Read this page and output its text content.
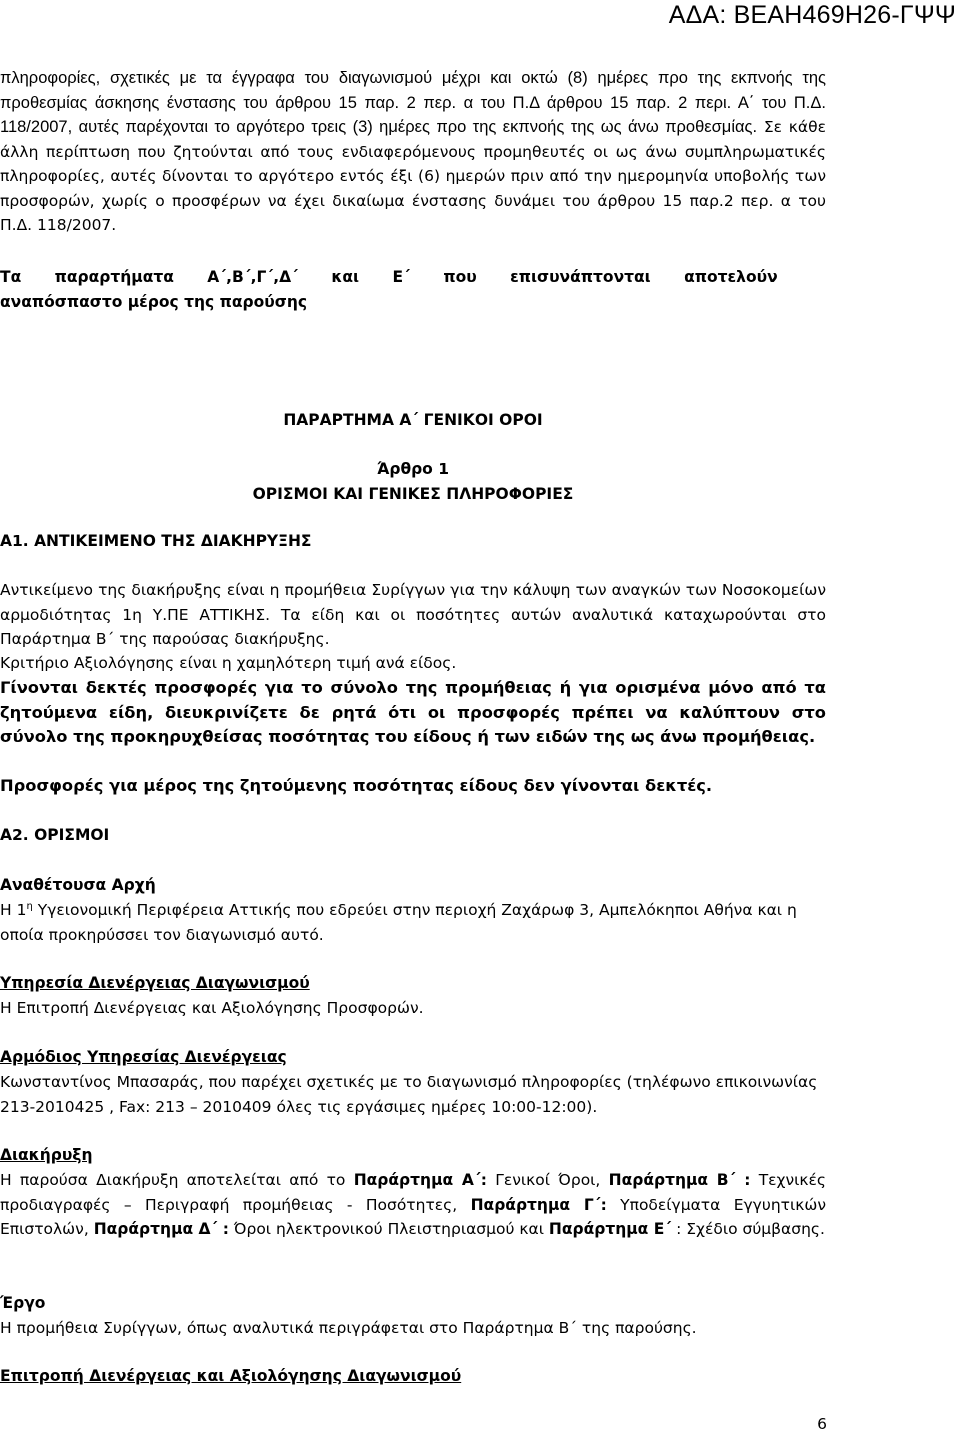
ΑΔΑ: ΒΕΑΗ469Η26-ΓΨΨ
πληροφορίες, σχετικές με τα έγγραφα του διαγωνισμού μέχρι και οκτώ (8) ημέρες προ της εκπνοής της προθεσμίας άσκησης ένστασης του άρθρου 15 παρ. 2 περ. α του Π.Δ άρθρου 15 παρ. 2 περι. Α΄ του Π.Δ. 118/2007, αυτές παρέχονται το αργότερο τρεις (3) ημέρες προ της εκπνοής της ως άνω προθεσμίας. Σε κάθε άλλη περίπτωση που ζητούνται από τους ενδιαφερόμενους προμηθευτές οι ως άνω συμπληρωματικές πληροφορίες, αυτές δίνονται το αργότερο εντός έξι (6) ημερών πριν από την ημερομηνία υποβολής των προσφορών, χωρίς ο προσφέρων να έχει δικαίωμα ένστασης δυνάμει του άρθρου 15 παρ.2 περ. α του Π.Δ. 118/2007.
Τα παραρτήματα Α΄,Β΄,Γ΄,Δ΄ και Ε΄ που επισυνάπτονται αποτελούν
αναπόσπαστο μέρος της παρούσης
ΠΑΡΑΡΤΗΜΑ Α΄ ΓΕΝΙΚΟΙ ΟΡΟΙ
Άρθρο 1
ΟΡΙΣΜΟΙ ΚΑΙ ΓΕΝΙΚΕΣ ΠΛΗΡΟΦΟΡΙΕΣ
Α1. ΑΝΤΙΚΕΙΜΕΝΟ ΤΗΣ ΔΙΑΚΗΡΥΞΗΣ
Αντικείμενο της διακήρυξης είναι η προμήθεια Συρίγγων για την κάλυψη των αναγκών των Νοσοκομείων αρμοδιότητας 1η Υ.ΠΕ ΑΤΤΙΚΗΣ. Τα είδη και οι ποσότητες αυτών αναλυτικά καταχωρούνται στο Παράρτημα Β΄ της παρούσας διακήρυξης.
Κριτήριο Αξιολόγησης είναι η χαμηλότερη τιμή ανά είδος.
Γίνονται δεκτές προσφορές για το σύνολο της προμήθειας ή για ορισμένα μόνο από τα ζητούμενα είδη, διευκρινίζετε δε ρητά ότι οι προσφορές πρέπει να καλύπτουν στο σύνολο της προκηρυχθείσας ποσότητας του είδους ή των ειδών της ως άνω προμήθειας.
Προσφορές για μέρος της ζητούμενης ποσότητας είδους δεν γίνονται δεκτές.
Α2. ΟΡΙΣΜΟΙ
Αναθέτουσα Αρχή
Η $1^\eta$ Υγειονομική Περιφέρεια Αττικής που εδρεύει στην περιοχή Ζαχάρωφ 3, Αμπελόκηποι Αθήνα και η οποία προκηρύσσει τον διαγωνισμό αυτό.
Υπηρεσία Διενέργειας Διαγωνισμού
Η Επιτροπή Διενέργειας και Αξιολόγησης Προσφορών.
Αρμόδιος Υπηρεσίας Διενέργειας
Κωνσταντίνος Μπασαράς, που παρέχει σχετικές με το διαγωνισμό πληροφορίες (τηλέφωνο επικοινωνίας 213-2010425 , Fax: 213 – 2010409 όλες τις εργάσιμες ημέρες 10:00-12:00).
Διακήρυξη
Η παρούσα Διακήρυξη αποτελείται από το Παράρτημα Α΄: Γενικοί Όροι, Παράρτημα Β΄ : Τεχνικές προδιαγραφές – Περιγραφή προμήθειας - Ποσότητες, Παράρτημα Γ΄: Υποδείγματα Εγγυητικών Επιστολών, Παράρτημα Δ΄ : Όροι ηλεκτρονικού Πλειστηριασμού και Παράρτημα Ε΄ : Σχέδιο σύμβασης.
Έργο
Η προμήθεια Συρίγγων, όπως αναλυτικά περιγράφεται στο Παράρτημα Β΄ της παρούσης.
Επιτροπή Διενέργειας και Αξιολόγησης Διαγωνισμού
6
